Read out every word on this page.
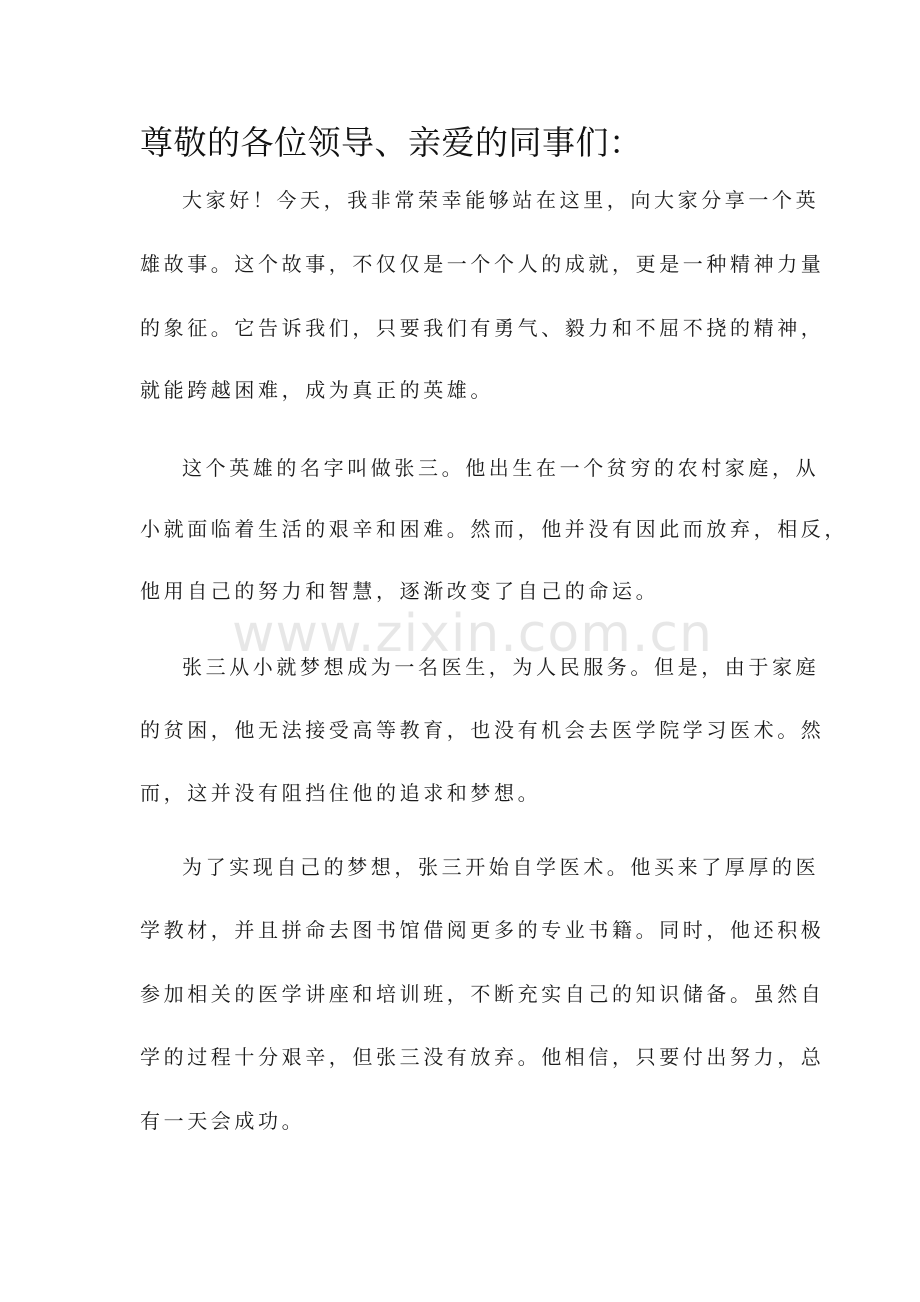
尊敬的各位领导、亲爱的同事们：
大家好！今天，我非常荣幸能够站在这里，向大家分享一个英
雄故事。这个故事，不仅仅是一个个人的成就，更是一种精神力量
的象征。它告诉我们，只要我们有勇气、毅力和不屈不挠的精神，
就能跨越困难，成为真正的英雄。
这个英雄的名字叫做张三。他出生在一个贫穷的农村家庭，从
小就面临着生活的艰辛和困难。然而，他并没有因此而放弃，相反，
他用自己的努力和智慧，逐渐改变了自己的命运。
www.zixin.com.cn
张三从小就梦想成为一名医生，为人民服务。但是，由于家庭
的贫困，他无法接受高等教育，也没有机会去医学院学习医术。然
而，这并没有阻挡住他的追求和梦想。
为了实现自己的梦想，张三开始自学医术。他买来了厚厚的医
学教材，并且拼命去图书馆借阅更多的专业书籍。同时，他还积极
参加相关的医学讲座和培训班，不断充实自己的知识储备。虽然自
学的过程十分艰辛，但张三没有放弃。他相信，只要付出努力，总
有一天会成功。
